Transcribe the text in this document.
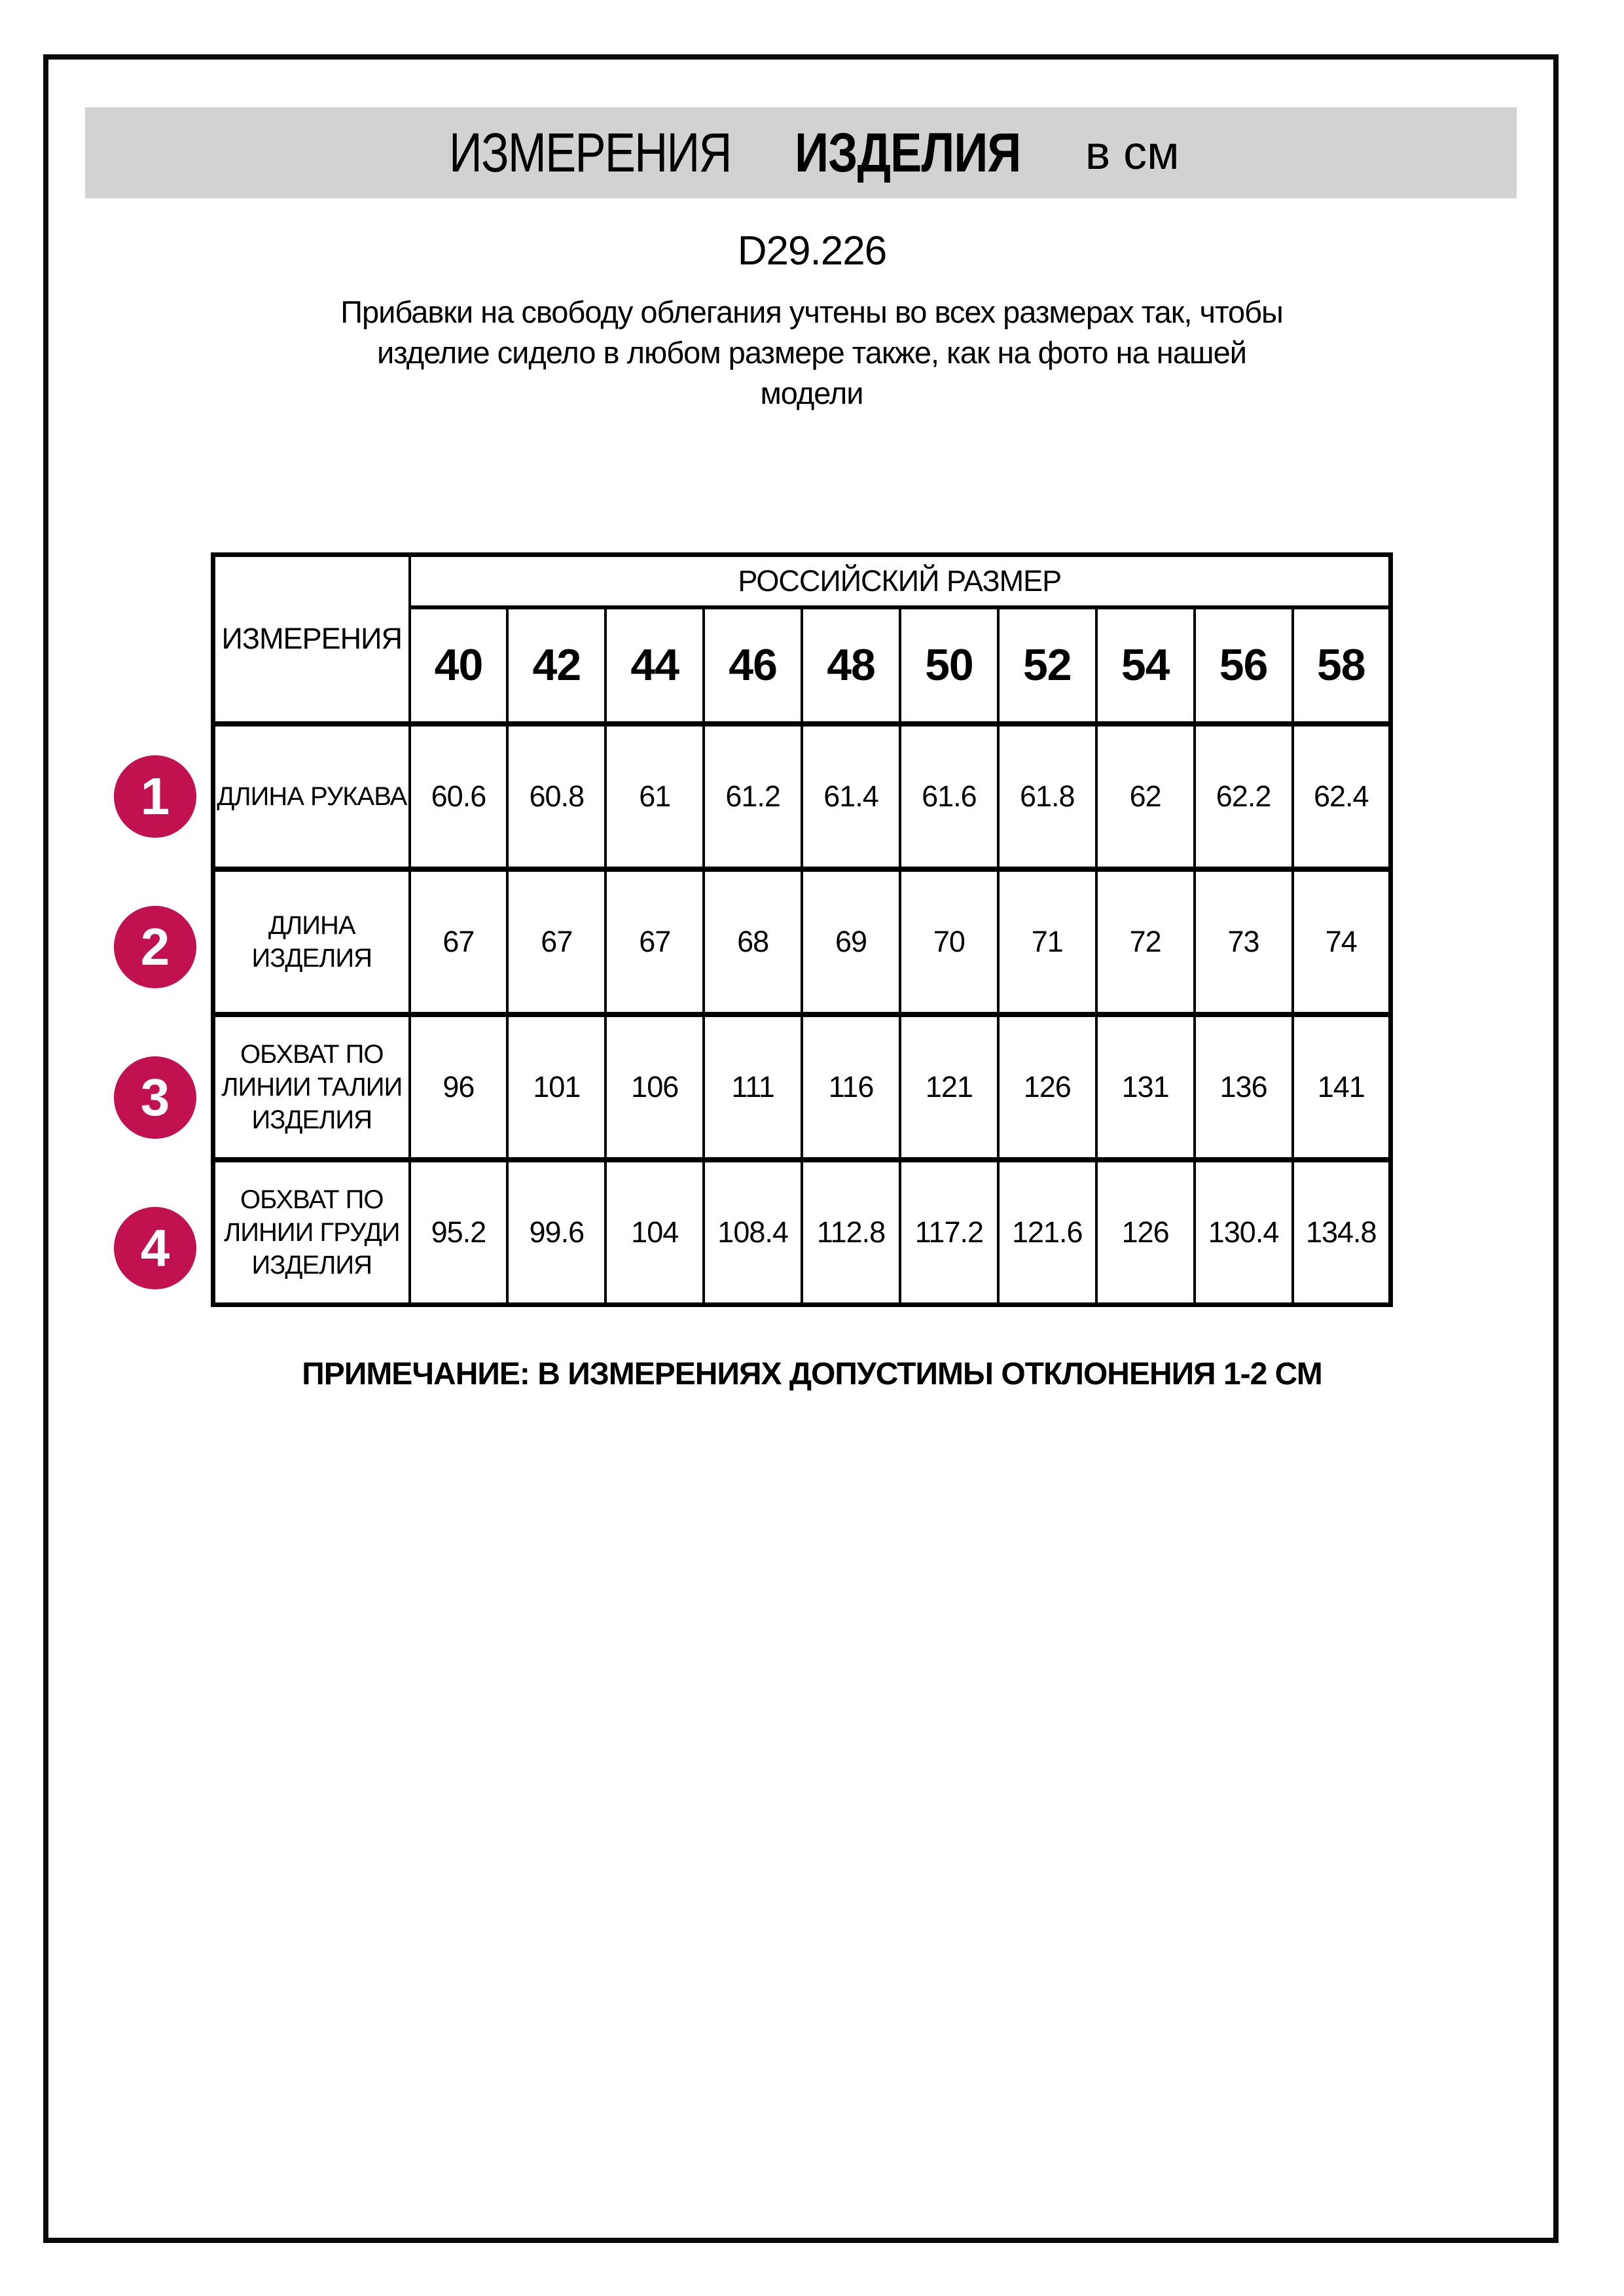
ИЗМЕРЕНИЯ ИЗДЕЛИЯ в см
D29.226
Прибавки на свободу облегания учтены во всех размерах так, чтобы
изделие сидело в любом размере также, как на фото на нашей
модели
ИЗМЕРЕНИЯ	РОССИЙСКИЙ РАЗМЕР									
	40	42	44	46	48	50	52	54	56	58
ДЛИНА РУКАВА	60.6	60.8	61	61.2	61.4	61.6	61.8	62	62.2	62.4
ДЛИНА ИЗДЕЛИЯ	67	67	67	68	69	70	71	72	73	74
ОБХВАТ ПО ЛИНИИ ТАЛИИ ИЗДЕЛИЯ	96	101	106	111	116	121	126	131	136	141
ОБХВАТ ПО ЛИНИИ ГРУДИ ИЗДЕЛИЯ	95.2	99.6	104	108.4	112.8	117.2	121.6	126	130.4	134.8
1
2
3
4
ПРИМЕЧАНИЕ: В ИЗМЕРЕНИЯХ ДОПУСТИМЫ ОТКЛОНЕНИЯ 1-2 СМ
